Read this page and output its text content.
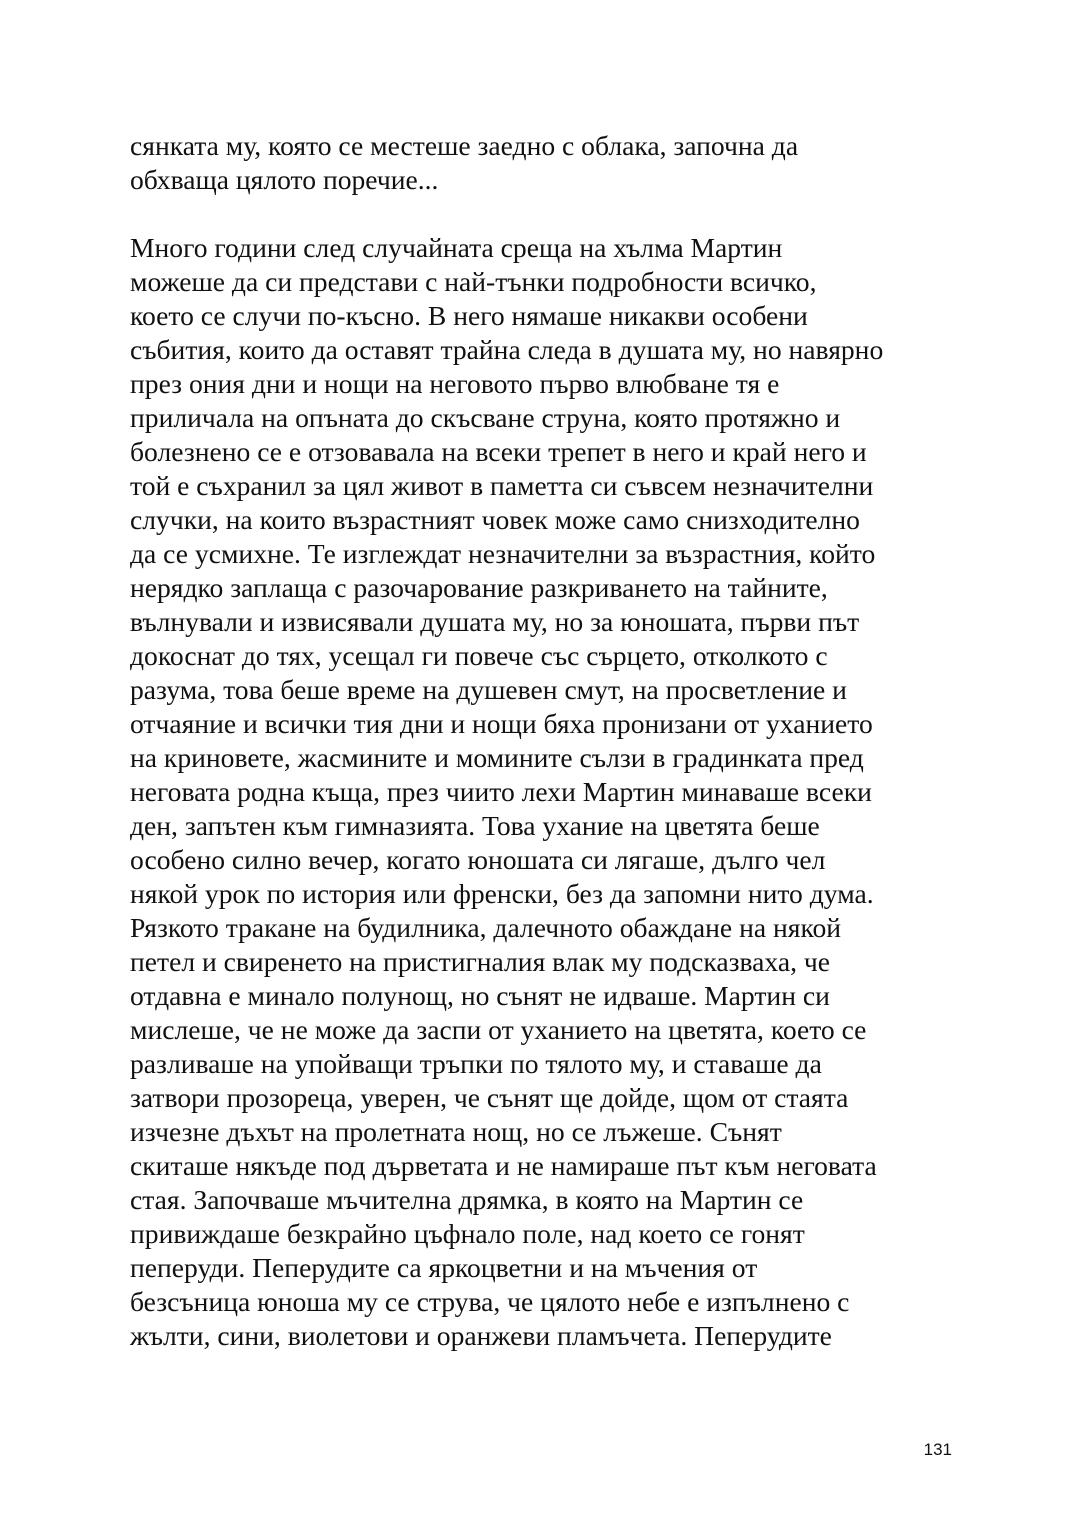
сянката му, която се местеше заедно с облака, започна да
обхваща цялото поречие...
Много години след случайната среща на хълма Мартин
можеше да си представи с най-тънки подробности всичко,
което се случи по-късно. В него нямаше никакви особени
събития, които да оставят трайна следа в душата му, но навярно
през ония дни и нощи на неговото първо влюбване тя е
приличала на опъната до скъсване струна, която протяжно и
болезнено се е отзовавала на всеки трепет в него и край него и
той е съхранил за цял живот в паметта си съвсем незначителни
случки, на които възрастният човек може само снизходително
да се усмихне. Те изглеждат незначителни за възрастния, който
нерядко заплаща с разочарование разкриването на тайните,
вълнували и извисявали душата му, но за юношата, първи път
докоснат до тях, усещал ги повече със сърцето, отколкото с
разума, това беше време на душевен смут, на просветление и
отчаяние и всички тия дни и нощи бяха пронизани от уханието
на криновете, жасмините и момините сълзи в градинката пред
неговата родна къща, през чиито лехи Мартин минаваше всеки
ден, запътен към гимназията. Това ухание на цветята беше
особено силно вечер, когато юношата си лягаше, дълго чел
някой урок по история или френски, без да запомни нито дума.
Рязкото тракане на будилника, далечното обаждане на някой
петел и свиренето на пристигналия влак му подсказваха, че
отдавна е минало полунощ, но сънят не идваше. Мартин си
мислеше, че не може да заспи от уханието на цветята, което се
разливаше на упойващи тръпки по тялото му, и ставаше да
затвори прозореца, уверен, че сънят ще дойде, щом от стаята
изчезне дъхът на пролетната нощ, но се лъжеше. Сънят
скиташе някъде под дърветата и не намираше път към неговата
стая. Започваше мъчителна дрямка, в която на Мартин се
привиждаше безкрайно цъфнало поле, над което се гонят
пеперуди. Пеперудите са яркоцветни и на мъчения от
безсъница юноша му се струва, че цялото небе е изпълнено с
жълти, сини, виолетови и оранжеви пламъчета. Пеперудите
131
